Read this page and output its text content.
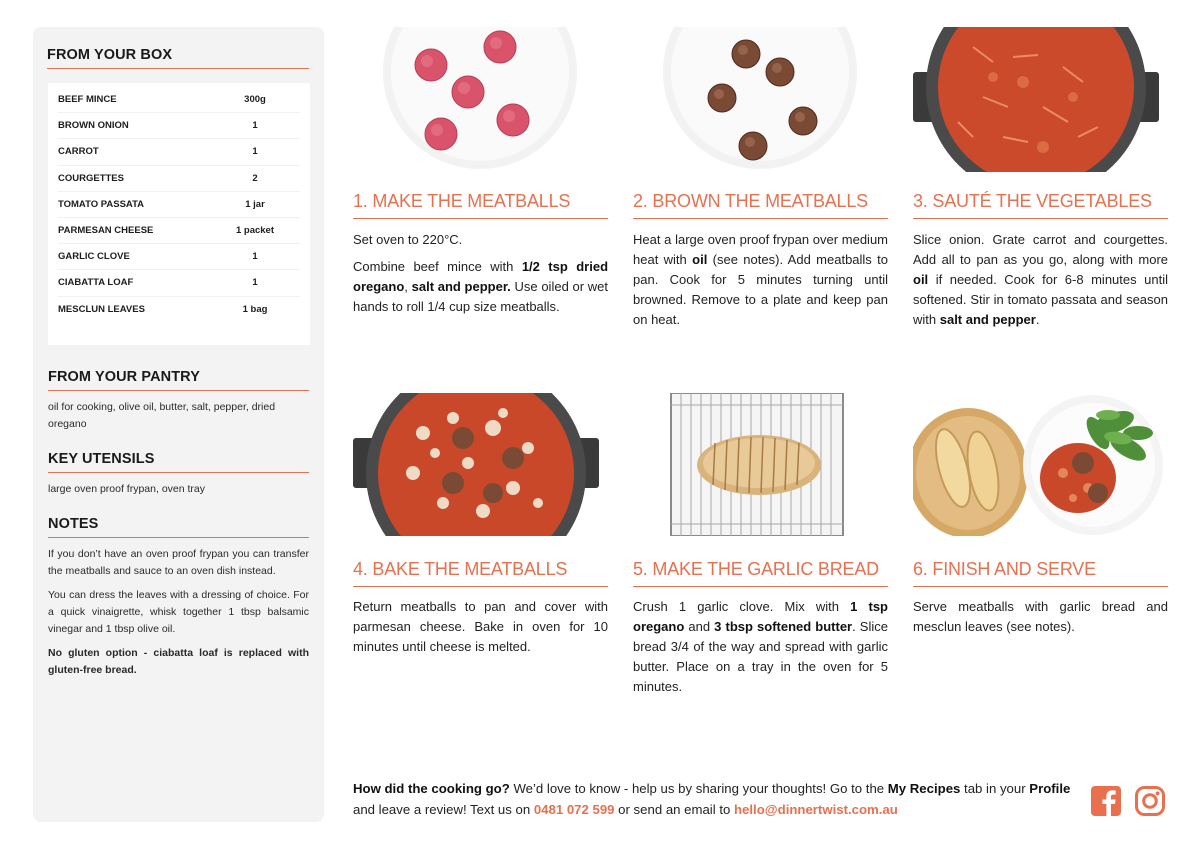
FROM YOUR BOX
BEEF MINCE	300g
BROWN ONION	1
CARROT	1
COURGETTES	2
TOMATO PASSATA	1 jar
PARMESAN CHEESE	1 packet
GARLIC CLOVE	1
CIABATTA LOAF	1
MESCLUN LEAVES	1 bag
FROM YOUR PANTRY
oil for cooking, olive oil, butter, salt, pepper, dried oregano
KEY UTENSILS
large oven proof frypan, oven tray
NOTES

If you don’t have an oven proof frypan you can transfer the meatballs and sauce to an oven dish instead.

You can dress the leaves with a dressing of choice. For a quick vinaigrette, whisk together 1 tbsp balsamic vinegar and 1 tbsp olive oil.

No gluten option - ciabatta loaf is replaced with gluten-free bread.

1. MAKE THE MEATBALLS

Set oven to 220°C.

Combine beef mince with 1/2 tsp dried oregano, salt and pepper. Use oiled or wet hands to roll 1/4 cup size meatballs.

2. BROWN THE MEATBALLS

Heat a large oven proof frypan over medium heat with oil (see notes). Add meatballs to pan. Cook for 5 minutes turning until browned. Remove to a plate and keep pan on heat.

3. SAUTÉ THE VEGETABLES

Slice onion. Grate carrot and courgettes. Add all to pan as you go, along with more oil if needed. Cook for 6-8 minutes until softened. Stir in tomato passata and season with salt and pepper.

4. BAKE THE MEATBALLS

Return meatballs to pan and cover with parmesan cheese. Bake in oven for 10 minutes until cheese is melted.

5. MAKE THE GARLIC BREAD

Crush 1 garlic clove. Mix with 1 tsp oregano and 3 tbsp softened butter. Slice bread 3/4 of the way and spread with garlic butter. Place on a tray in the oven for 5 minutes.

6. FINISH AND SERVE

Serve meatballs with garlic bread and mesclun leaves (see notes).

How did the cooking go? We’d love to know - help us by sharing your thoughts! Go to the My Recipes tab in your Profile and leave a review! Text us on 0481 072 599 or send an email to hello@dinnertwist.com.au
